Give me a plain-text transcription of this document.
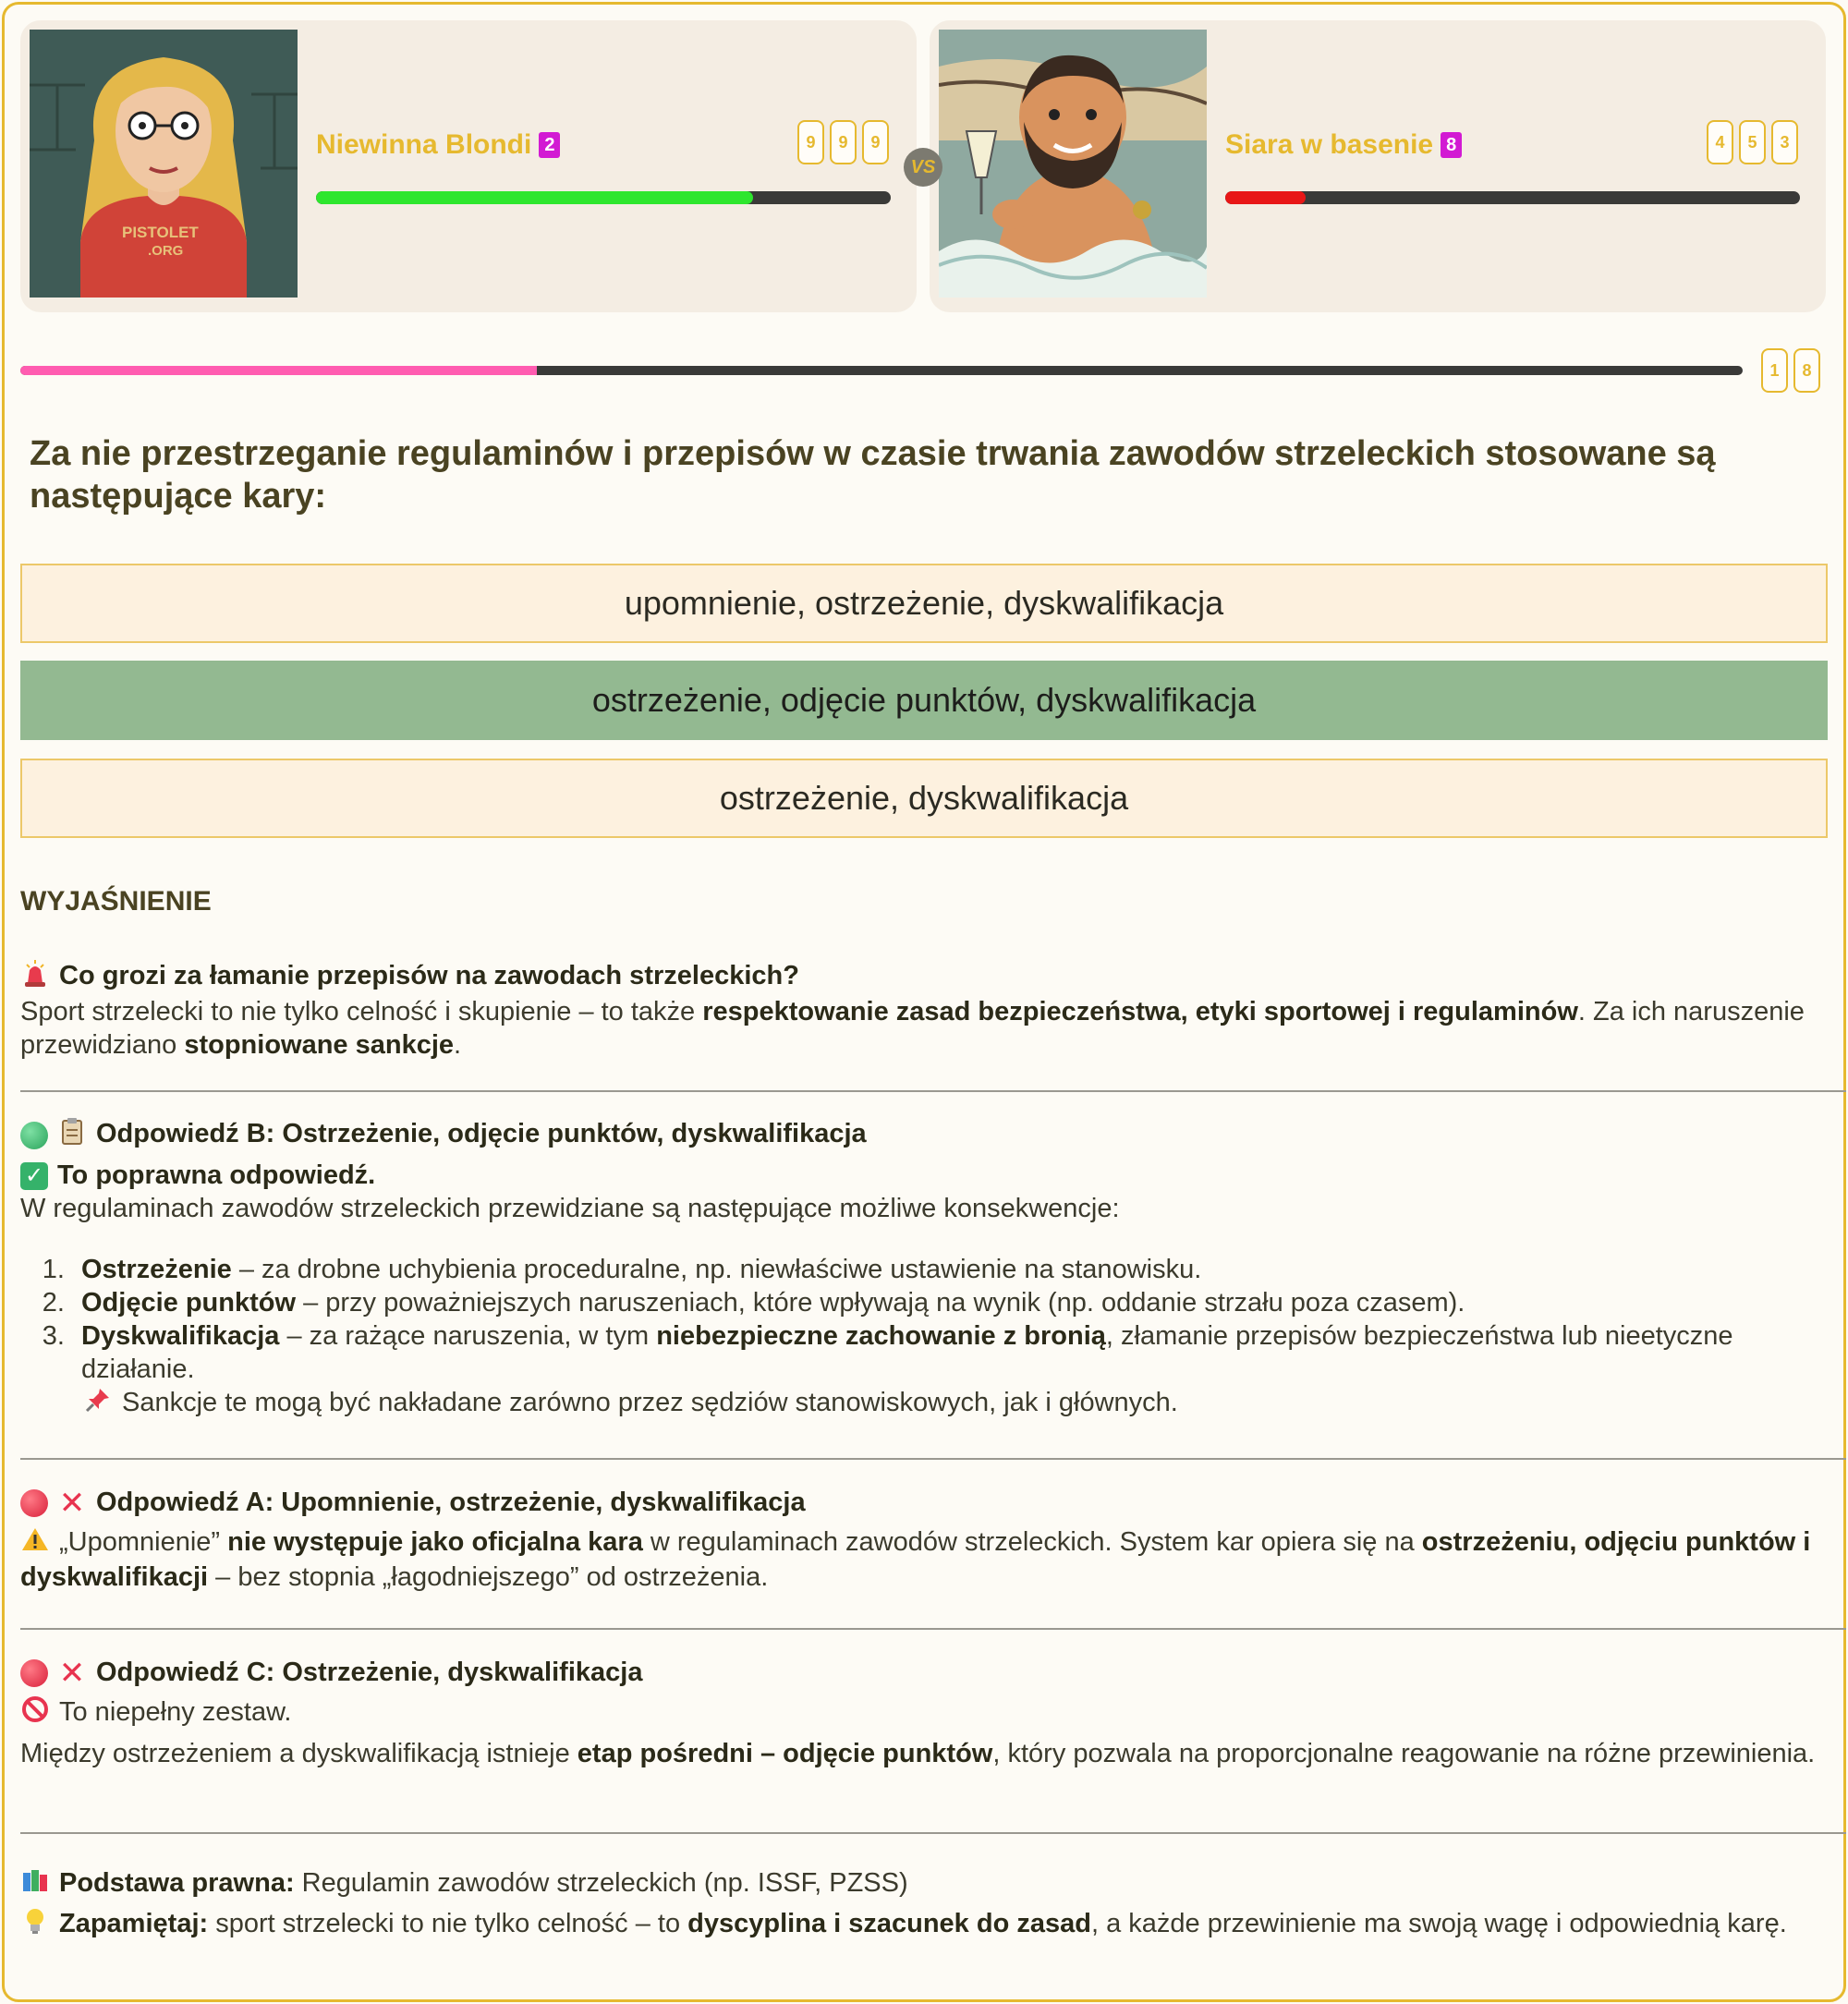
PISTOLET
.ORG
Niewinna Blondi 2	9	9	9
VS
Siara w basenie 8	4	5	3
1	8
Za nie przestrzeganie regulaminów i przepisów w czasie trwania zawodów strzeleckich stosowane są następujące kary:
upomnienie, ostrzeżenie, dyskwalifikacja
ostrzeżenie, odjęcie punktów, dyskwalifikacja
ostrzeżenie, dyskwalifikacja
WYJAŚNIENIE
Co grozi za łamanie przepisów na zawodach strzeleckich?
Sport strzelecki to nie tylko celność i skupienie – to także respektowanie zasad bezpieczeństwa, etyki sportowej i regulaminów. Za ich naruszenie przewidziano stopniowane sankcje.
Odpowiedź B: Ostrzeżenie, odjęcie punktów, dyskwalifikacja
✓ To poprawna odpowiedź.
W regulaminach zawodów strzeleckich przewidziane są następujące możliwe konsekwencje:
1. Ostrzeżenie – za drobne uchybienia proceduralne, np. niewłaściwe ustawienie na stanowisku.
2. Odjęcie punktów – przy poważniejszych naruszeniach, które wpływają na wynik (np. oddanie strzału poza czasem).
3. Dyskwalifikacja – za rażące naruszenia, w tym niebezpieczne zachowanie z bronią, złamanie przepisów bezpieczeństwa lub nieetyczne działanie.
Sankcje te mogą być nakładane zarówno przez sędziów stanowiskowych, jak i głównych.
✕ Odpowiedź A: Upomnienie, ostrzeżenie, dyskwalifikacja
„Upomnienie” nie występuje jako oficjalna kara w regulaminach zawodów strzeleckich. System kar opiera się na ostrzeżeniu, odjęciu punktów i dyskwalifikacji – bez stopnia „łagodniejszego” od ostrzeżenia.
✕ Odpowiedź C: Ostrzeżenie, dyskwalifikacja
To niepełny zestaw.
Między ostrzeżeniem a dyskwalifikacją istnieje etap pośredni – odjęcie punktów, który pozwala na proporcjonalne reagowanie na różne przewinienia.
Podstawa prawna: Regulamin zawodów strzeleckich (np. ISSF, PZSS)
Zapamiętaj: sport strzelecki to nie tylko celność – to dyscyplina i szacunek do zasad, a każde przewinienie ma swoją wagę i odpowiednią karę.
